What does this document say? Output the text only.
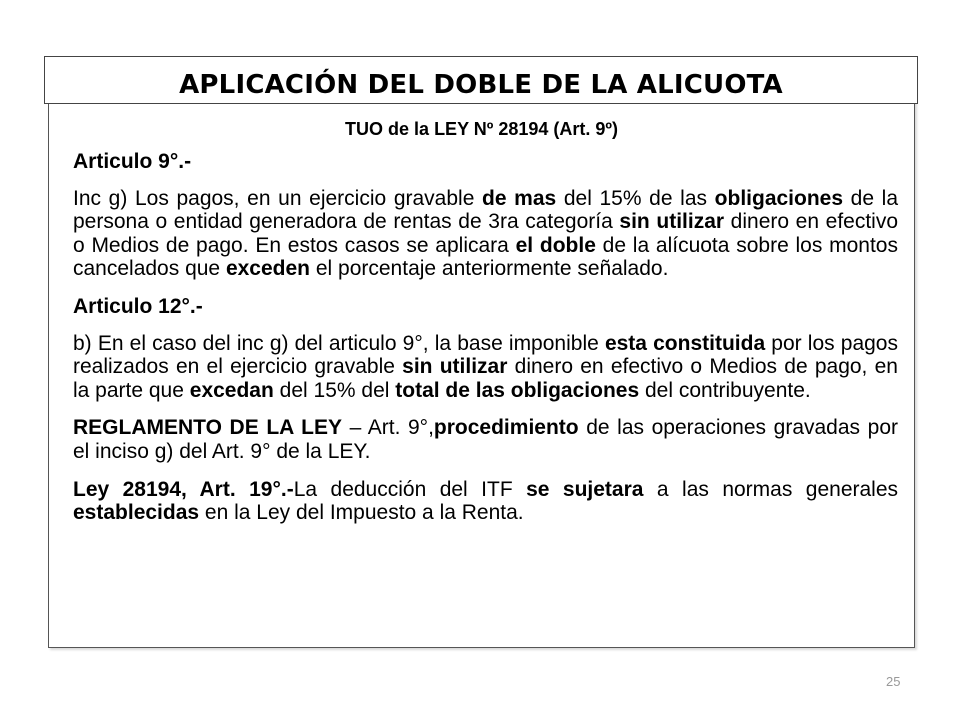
APLICACIÓN DEL DOBLE DE LA ALICUOTA
TUO de la LEY Nº 28194 (Art. 9º)

Articulo 9°.-

Inc g) Los pagos, en un ejercicio gravable de mas del 15% de las obligaciones de la persona o entidad generadora de rentas de 3ra categoría sin utilizar dinero en efectivo o Medios de pago. En estos casos se aplicara el doble de la alícuota sobre los montos cancelados que exceden el porcentaje anteriormente señalado.

Articulo 12°.-

b) En el caso del inc g) del articulo 9°, la base imponible esta constituida por los pagos realizados en el ejercicio gravable sin utilizar dinero en efectivo o Medios de pago, en la parte que excedan del 15% del total de las obligaciones del contribuyente.

REGLAMENTO DE LA LEY – Art. 9°,procedimiento de las operaciones gravadas por el inciso g) del Art. 9° de la LEY.

Ley 28194, Art. 19°.-La deducción del ITF se sujetara a las normas generales establecidas en la Ley del Impuesto a la Renta.

25
